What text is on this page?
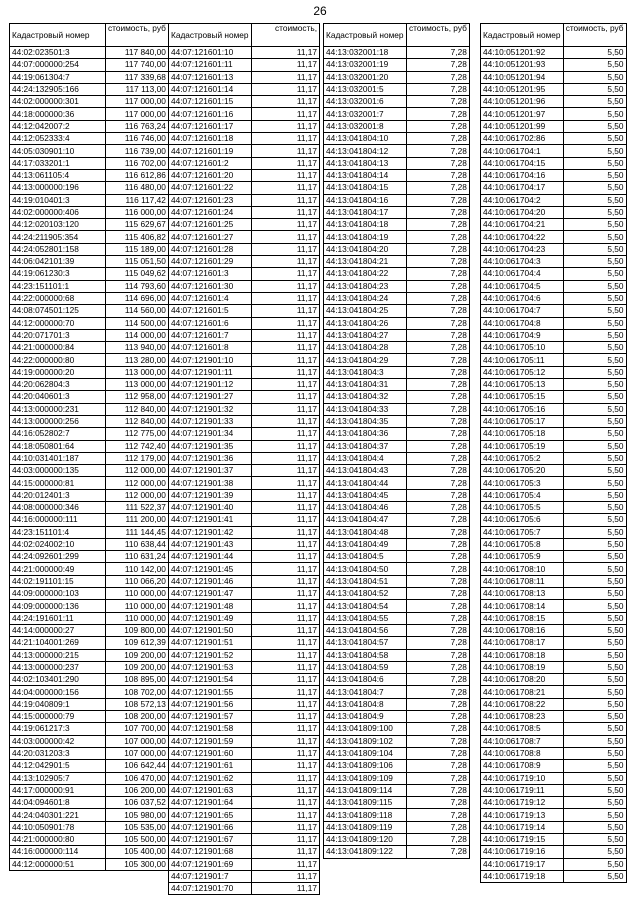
26
Кадастровый номер	стоимость, руб
44:02:023501:3	117 840,00
44:07:000000:254	117 740,00
44:19:061304:7	117 339,68
44:24:132905:166	117 113,00
44:02:000000:301	117 000,00
44:18:000000:36	117 000,00
44:12:042007:2	116 763,24
44:12:052333:4	116 746,00
44:05:030901:10	116 739,00
44:17:033201:1	116 702,00
44:13:061105:4	116 612,86
44:13:000000:196	116 480,00
44:19:010401:3	116 117,42
44:02:000000:406	116 000,00
44:12:020103:120	115 629,67
44:24:211905:354	115 406,82
44:24:052801:158	115 189,00
44:06:042101:39	115 051,50
44:19:061230:3	115 049,62
44:23:151101:1	114 793,60
44:22:000000:68	114 696,00
44:08:074501:125	114 560,00
44:12:000000:70	114 500,00
44:20:071701:3	114 000,00
44:21:000000:84	113 940,00
44:22:000000:80	113 280,00
44:19:000000:20	113 000,00
44:20:062804:3	113 000,00
44:20:040601:3	112 958,00
44:13:000000:231	112 840,00
44:13:000000:256	112 840,00
44:16:052802:7	112 775,00
44:18:050801:64	112 742,40
44:10:031401:187	112 179,00
44:03:000000:135	112 000,00
44:15:000000:81	112 000,00
44:20:012401:3	112 000,00
44:08:000000:346	111 522,37
44:16:000000:111	111 200,00
44:23:151101:4	111 144,45
44:02:024002:10	110 638,44
44:24:092601:299	110 631,24
44:21:000000:49	110 142,00
44:02:191101:15	110 066,20
44:09:000000:103	110 000,00
44:09:000000:136	110 000,00
44:24:191601:11	110 000,00
44:14:000000:27	109 800,00
44:21:104001:269	109 612,39
44:13:000000:215	109 200,00
44:13:000000:237	109 200,00
44:02:103401:290	108 895,00
44:04:000000:156	108 702,00
44:19:040809:1	108 572,13
44:15:000000:79	108 200,00
44:19:061217:3	107 700,00
44:03:000000:42	107 000,00
44:20:031203:3	107 000,00
44:12:042901:5	106 642,44
44:13:102905:7	106 470,00
44:17:000000:91	106 200,00
44:04:094601:8	106 037,52
44:24:040301:221	105 980,00
44:10:050901:78	105 535,00
44:21:000000:80	105 500,00
44:16:000000:114	105 400,00
44:12:000000:51	105 300,00
Кадастровый номер	стоимость,
44:07:121601:10	11,17
44:07:121601:11	11,17
44:07:121601:13	11,17
44:07:121601:14	11,17
44:07:121601:15	11,17
44:07:121601:16	11,17
44:07:121601:17	11,17
44:07:121601:18	11,17
44:07:121601:19	11,17
44:07:121601:2	11,17
44:07:121601:20	11,17
44:07:121601:22	11,17
44:07:121601:23	11,17
44:07:121601:24	11,17
44:07:121601:25	11,17
44:07:121601:27	11,17
44:07:121601:28	11,17
44:07:121601:29	11,17
44:07:121601:3	11,17
44:07:121601:30	11,17
44:07:121601:4	11,17
44:07:121601:5	11,17
44:07:121601:6	11,17
44:07:121601:7	11,17
44:07:121601:8	11,17
44:07:121901:10	11,17
44:07:121901:11	11,17
44:07:121901:12	11,17
44:07:121901:27	11,17
44:07:121901:32	11,17
44:07:121901:33	11,17
44:07:121901:34	11,17
44:07:121901:35	11,17
44:07:121901:36	11,17
44:07:121901:37	11,17
44:07:121901:38	11,17
44:07:121901:39	11,17
44:07:121901:40	11,17
44:07:121901:41	11,17
44:07:121901:42	11,17
44:07:121901:43	11,17
44:07:121901:44	11,17
44:07:121901:45	11,17
44:07:121901:46	11,17
44:07:121901:47	11,17
44:07:121901:48	11,17
44:07:121901:49	11,17
44:07:121901:50	11,17
44:07:121901:51	11,17
44:07:121901:52	11,17
44:07:121901:53	11,17
44:07:121901:54	11,17
44:07:121901:55	11,17
44:07:121901:56	11,17
44:07:121901:57	11,17
44:07:121901:58	11,17
44:07:121901:59	11,17
44:07:121901:60	11,17
44:07:121901:61	11,17
44:07:121901:62	11,17
44:07:121901:63	11,17
44:07:121901:64	11,17
44:07:121901:65	11,17
44:07:121901:66	11,17
44:07:121901:67	11,17
44:07:121901:68	11,17
44:07:121901:69	11,17
44:07:121901:7	11,17
44:07:121901:70	11,17
Кадастровый номер	стоимость, руб
44:13:032001:18	7,28
44:13:032001:19	7,28
44:13:032001:20	7,28
44:13:032001:5	7,28
44:13:032001:6	7,28
44:13:032001:7	7,28
44:13:032001:8	7,28
44:13:041804:10	7,28
44:13:041804:12	7,28
44:13:041804:13	7,28
44:13:041804:14	7,28
44:13:041804:15	7,28
44:13:041804:16	7,28
44:13:041804:17	7,28
44:13:041804:18	7,28
44:13:041804:19	7,28
44:13:041804:20	7,28
44:13:041804:21	7,28
44:13:041804:22	7,28
44:13:041804:23	7,28
44:13:041804:24	7,28
44:13:041804:25	7,28
44:13:041804:26	7,28
44:13:041804:27	7,28
44:13:041804:28	7,28
44:13:041804:29	7,28
44:13:041804:3	7,28
44:13:041804:31	7,28
44:13:041804:32	7,28
44:13:041804:33	7,28
44:13:041804:35	7,28
44:13:041804:36	7,28
44:13:041804:37	7,28
44:13:041804:4	7,28
44:13:041804:43	7,28
44:13:041804:44	7,28
44:13:041804:45	7,28
44:13:041804:46	7,28
44:13:041804:47	7,28
44:13:041804:48	7,28
44:13:041804:49	7,28
44:13:041804:5	7,28
44:13:041804:50	7,28
44:13:041804:51	7,28
44:13:041804:52	7,28
44:13:041804:54	7,28
44:13:041804:55	7,28
44:13:041804:56	7,28
44:13:041804:57	7,28
44:13:041804:58	7,28
44:13:041804:59	7,28
44:13:041804:6	7,28
44:13:041804:7	7,28
44:13:041804:8	7,28
44:13:041804:9	7,28
44:13:041809:100	7,28
44:13:041809:102	7,28
44:13:041809:104	7,28
44:13:041809:106	7,28
44:13:041809:109	7,28
44:13:041809:114	7,28
44:13:041809:115	7,28
44:13:041809:118	7,28
44:13:041809:119	7,28
44:13:041809:120	7,28
44:13:041809:122	7,28
Кадастровый номер	стоимость, руб
44:10:051201:92	5,50
44:10:051201:93	5,50
44:10:051201:94	5,50
44:10:051201:95	5,50
44:10:051201:96	5,50
44:10:051201:97	5,50
44:10:051201:99	5,50
44:10:061702:86	5,50
44:10:061704:1	5,50
44:10:061704:15	5,50
44:10:061704:16	5,50
44:10:061704:17	5,50
44:10:061704:2	5,50
44:10:061704:20	5,50
44:10:061704:21	5,50
44:10:061704:22	5,50
44:10:061704:23	5,50
44:10:061704:3	5,50
44:10:061704:4	5,50
44:10:061704:5	5,50
44:10:061704:6	5,50
44:10:061704:7	5,50
44:10:061704:8	5,50
44:10:061704:9	5,50
44:10:061705:10	5,50
44:10:061705:11	5,50
44:10:061705:12	5,50
44:10:061705:13	5,50
44:10:061705:15	5,50
44:10:061705:16	5,50
44:10:061705:17	5,50
44:10:061705:18	5,50
44:10:061705:19	5,50
44:10:061705:2	5,50
44:10:061705:20	5,50
44:10:061705:3	5,50
44:10:061705:4	5,50
44:10:061705:5	5,50
44:10:061705:6	5,50
44:10:061705:7	5,50
44:10:061705:8	5,50
44:10:061705:9	5,50
44:10:061708:10	5,50
44:10:061708:11	5,50
44:10:061708:13	5,50
44:10:061708:14	5,50
44:10:061708:15	5,50
44:10:061708:16	5,50
44:10:061708:17	5,50
44:10:061708:18	5,50
44:10:061708:19	5,50
44:10:061708:20	5,50
44:10:061708:21	5,50
44:10:061708:22	5,50
44:10:061708:23	5,50
44:10:061708:5	5,50
44:10:061708:7	5,50
44:10:061708:8	5,50
44:10:061708:9	5,50
44:10:061719:10	5,50
44:10:061719:11	5,50
44:10:061719:12	5,50
44:10:061719:13	5,50
44:10:061719:14	5,50
44:10:061719:15	5,50
44:10:061719:16	5,50
44:10:061719:17	5,50
44:10:061719:18	5,50
